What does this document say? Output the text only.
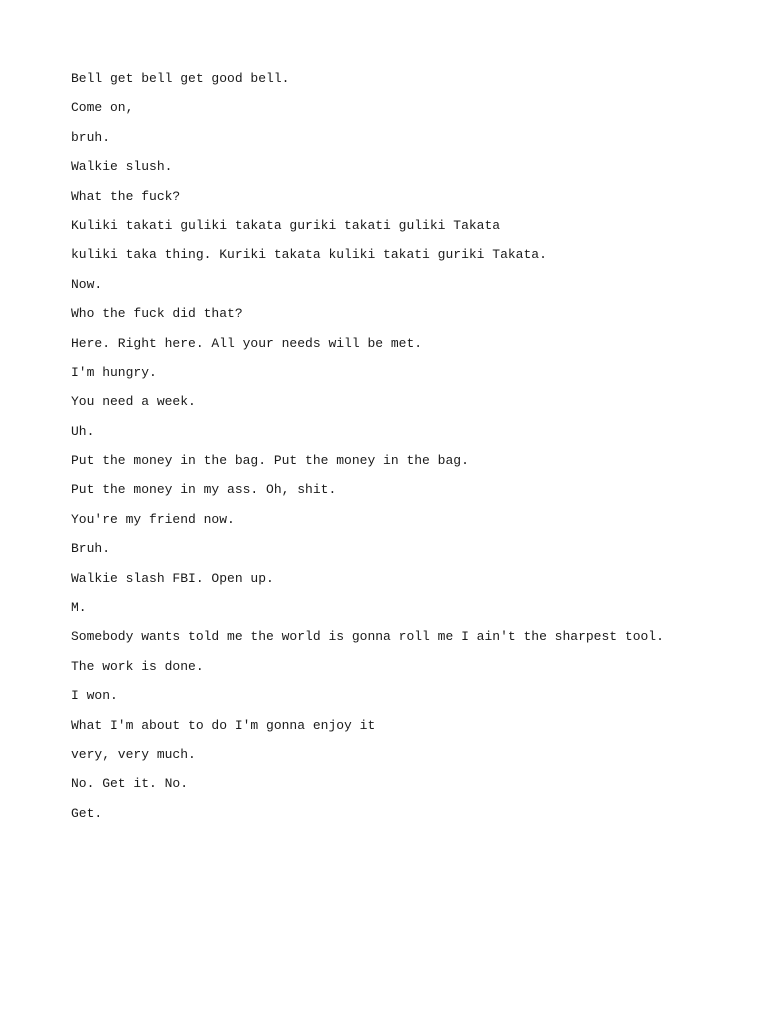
Bell get bell get good bell.

Come on,

bruh.

Walkie slush.

What the fuck?

Kuliki takati guliki takata guriki takati guliki Takata

kuliki taka thing. Kuriki takata kuliki takati guriki Takata.

Now.

Who the fuck did that?

Here. Right here. All your needs will be met.

I'm hungry.

You need a week.

Uh.

Put the money in the bag. Put the money in the bag.

Put the money in my ass. Oh, shit.

You're my friend now.

Bruh.

Walkie slash FBI. Open up.

M.

Somebody wants told me the world is gonna roll me I ain't the sharpest tool.

The work is done.

I won.

What I'm about to do I'm gonna enjoy it

very, very much.

No. Get it. No.

Get.
